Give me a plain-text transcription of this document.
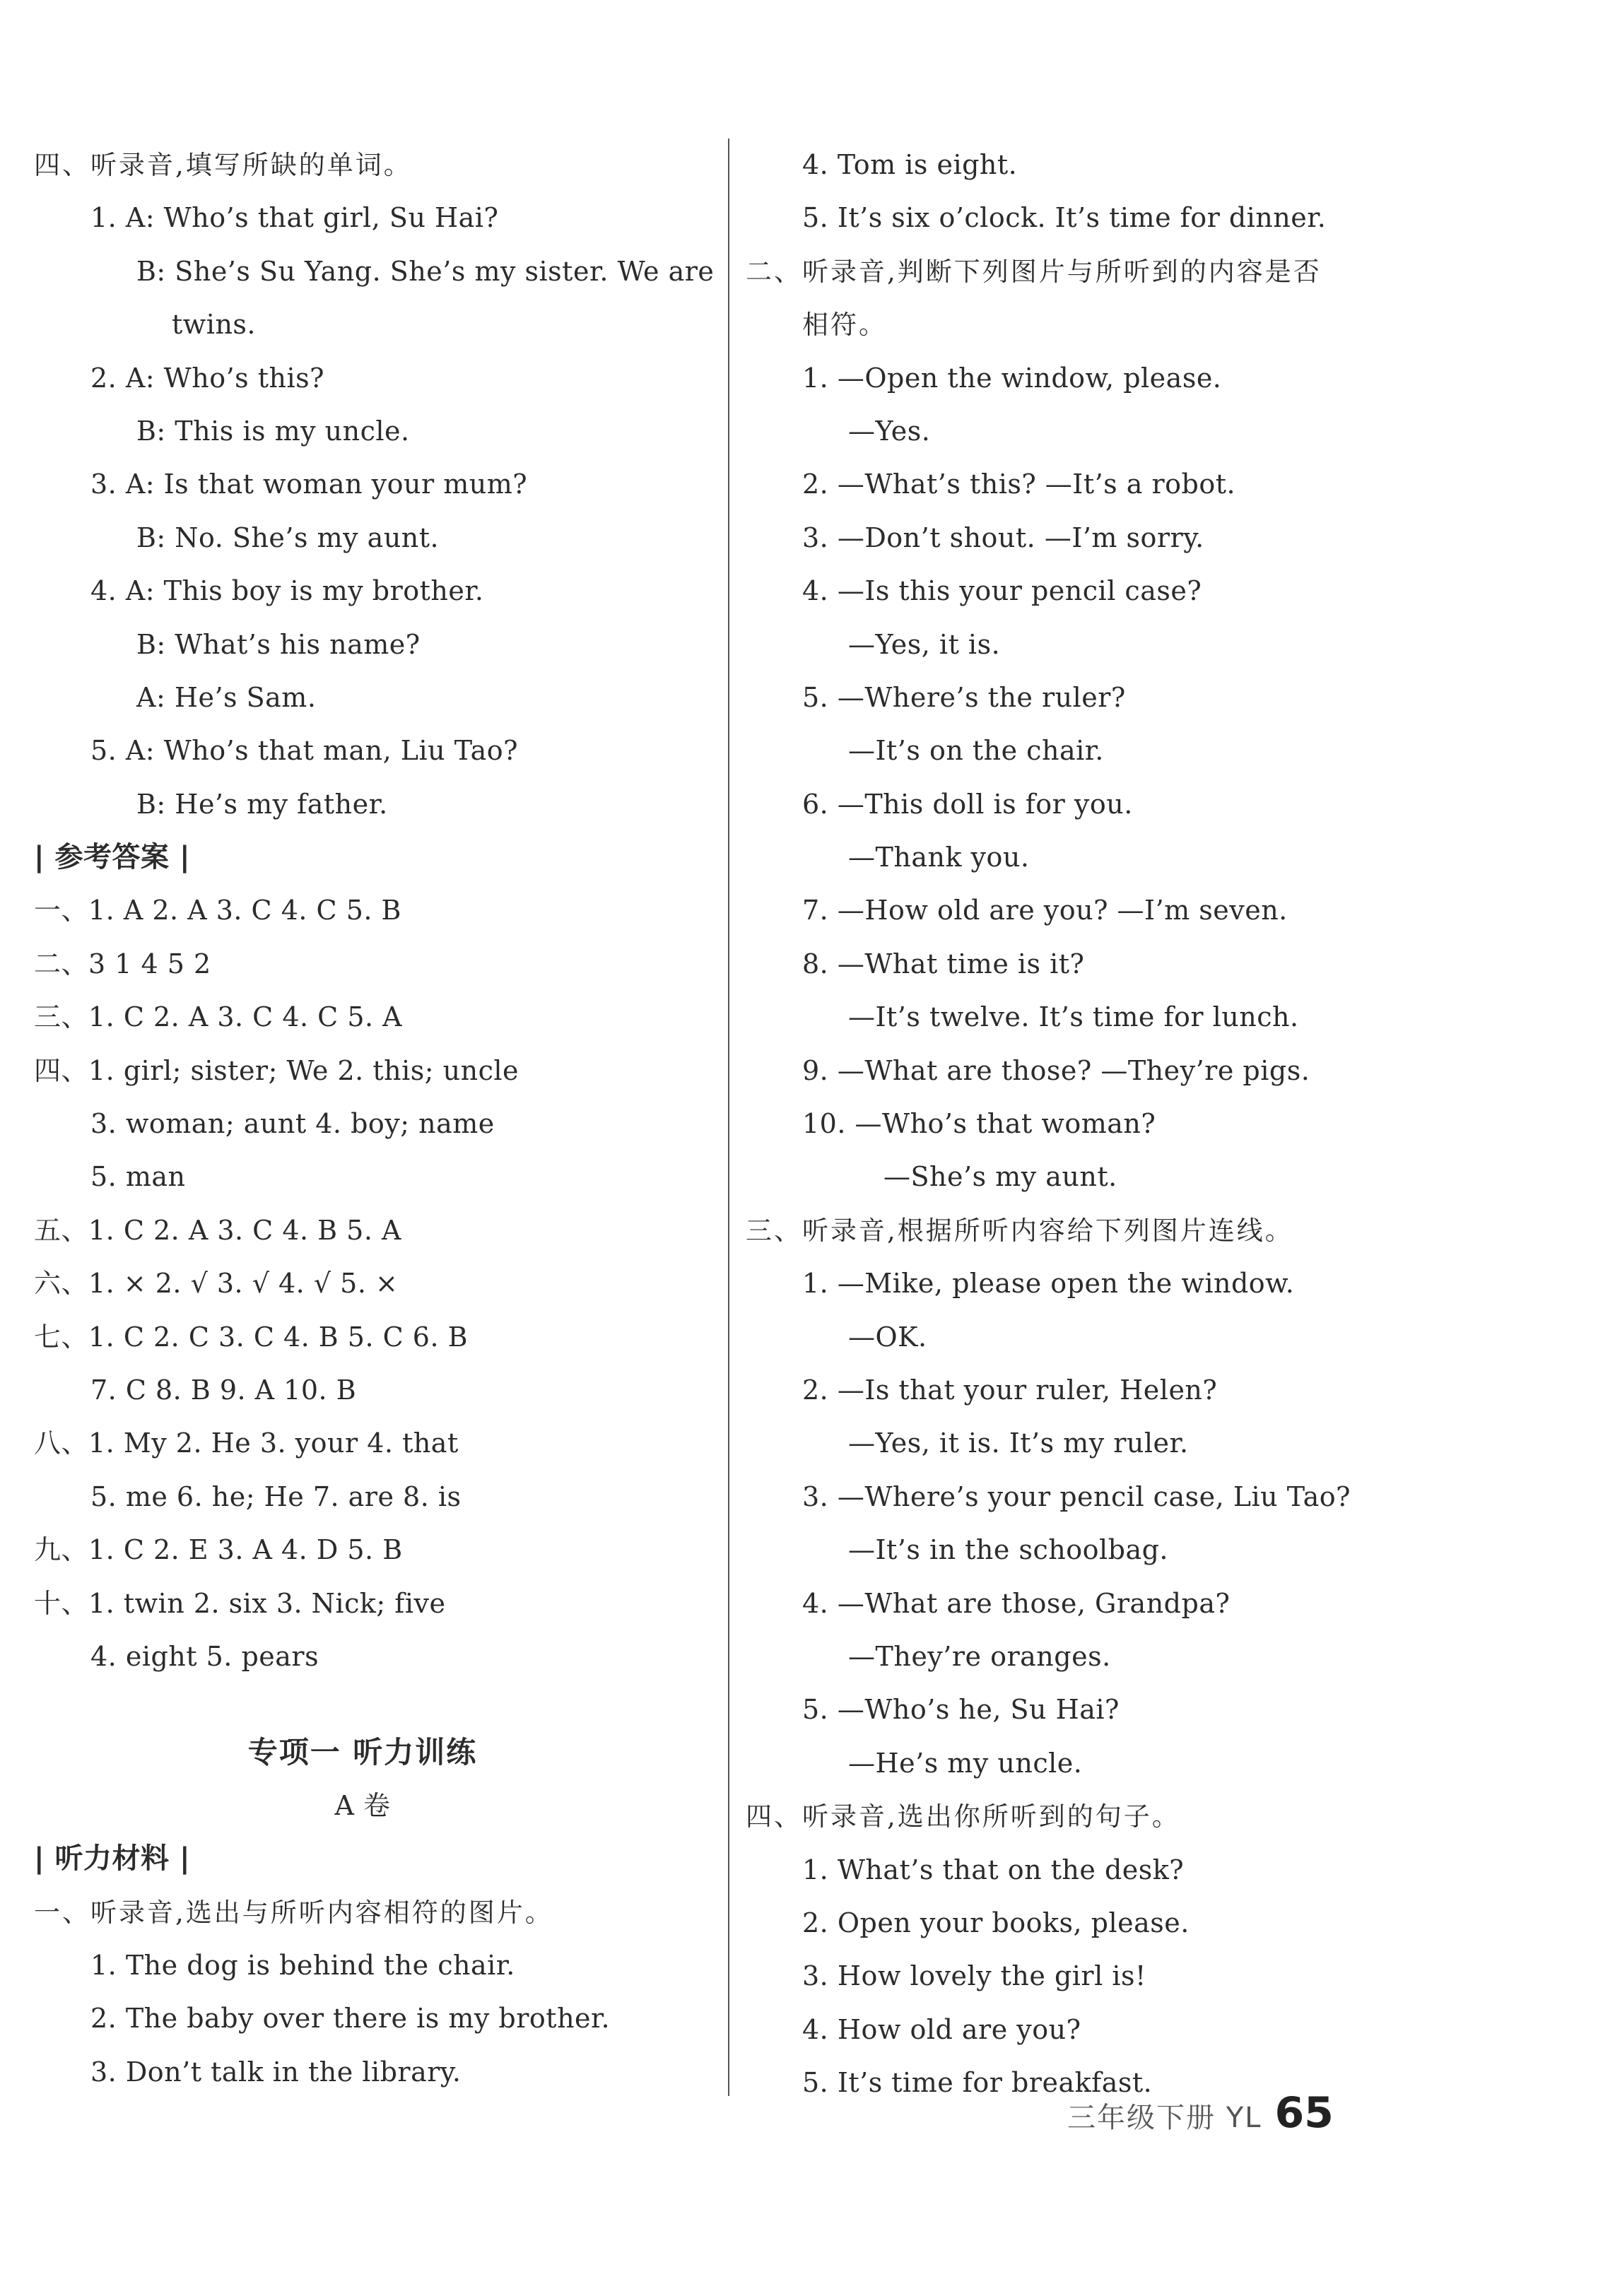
四、听录音,填写所缺的单词。
1. A: Who’s that girl, Su Hai?
B: She’s Su Yang. She’s my sister. We are
twins.
2. A: Who’s this?
B: This is my uncle.
3. A: Is that woman your mum?
B: No. She’s my aunt.
4. A: This boy is my brother.
B: What’s his name?
A: He’s Sam.
5. A: Who’s that man, Liu Tao?
B: He’s my father.
| 参考答案 |
一、1. A 2. A 3. C 4. C 5. B
二、3 1 4 5 2
三、1. C 2. A 3. C 4. C 5. A
四、1. girl; sister; We 2. this; uncle
3. woman; aunt 4. boy; name
5. man
五、1. C 2. A 3. C 4. B 5. A
六、1. × 2. √ 3. √ 4. √ 5. ×
七、1. C 2. C 3. C 4. B 5. C 6. B
7. C 8. B 9. A 10. B
八、1. My 2. He 3. your 4. that
5. me 6. he; He 7. are 8. is
九、1. C 2. E 3. A 4. D 5. B
十、1. twin 2. six 3. Nick; five
4. eight 5. pears
专项一 听力训练
A 卷
| 听力材料 |
一、听录音,选出与所听内容相符的图片。
1. The dog is behind the chair.
2. The baby over there is my brother.
3. Don’t talk in the library.
4. Tom is eight.
5. It’s six o’clock. It’s time for dinner.
二、听录音,判断下列图片与所听到的内容是否
相符。
1. —Open the window, please.
—Yes.
2. —What’s this? —It’s a robot.
3. —Don’t shout. —I’m sorry.
4. —Is this your pencil case?
—Yes, it is.
5. —Where’s the ruler?
—It’s on the chair.
6. —This doll is for you.
—Thank you.
7. —How old are you? —I’m seven.
8. —What time is it?
—It’s twelve. It’s time for lunch.
9. —What are those? —They’re pigs.
10. —Who’s that woman?
—She’s my aunt.
三、听录音,根据所听内容给下列图片连线。
1. —Mike, please open the window.
—OK.
2. —Is that your ruler, Helen?
—Yes, it is. It’s my ruler.
3. —Where’s your pencil case, Liu Tao?
—It’s in the schoolbag.
4. —What are those, Grandpa?
—They’re oranges.
5. —Who’s he, Su Hai?
—He’s my uncle.
四、听录音,选出你所听到的句子。
1. What’s that on the desk?
2. Open your books, please.
3. How lovely the girl is!
4. How old are you?
5. It’s time for breakfast.
三年级下册 YL 65
